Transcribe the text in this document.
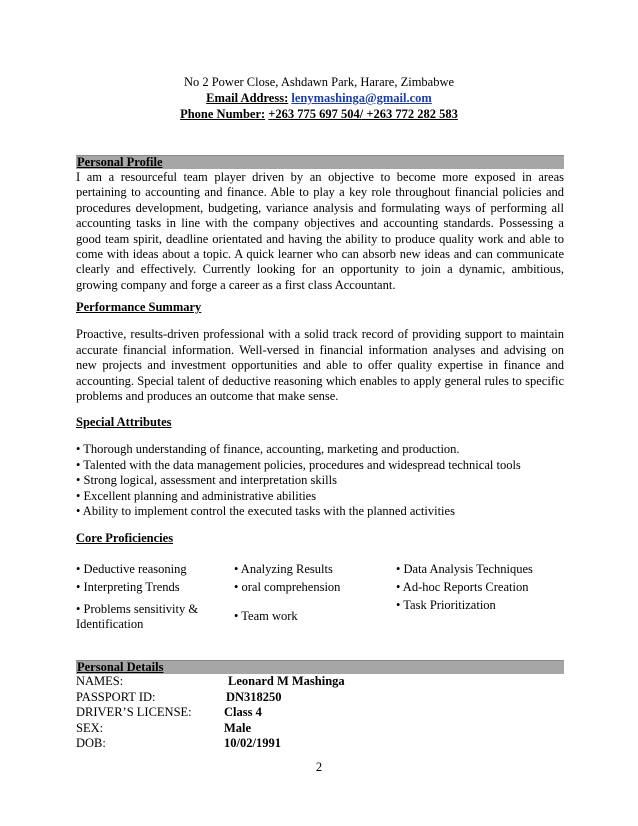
No 2 Power Close, Ashdawn Park, Harare, Zimbabwe
Email Address: lenymashinga@gmail.com
Phone Number: +263 775 697 504/ +263 772 282 583
Personal Profile

I am a resourceful team player driven by an objective to become more exposed in areas pertaining to accounting and finance. Able to play a key role throughout financial policies and procedures development, budgeting, variance analysis and formulating ways of performing all accounting tasks in line with the company objectives and accounting standards. Possessing a good team spirit, deadline orientated and having the ability to produce quality work and able to come with ideas about a topic. A quick learner who can absorb new ideas and can communicate clearly and effectively. Currently looking for an opportunity to join a dynamic, ambitious, growing company and forge a career as a first class Accountant.

Performance Summary

Proactive, results-driven professional with a solid track record of providing support to maintain accurate financial information. Well-versed in financial information analyses and advising on new projects and investment opportunities and able to offer quality expertise in finance and accounting. Special talent of deductive reasoning which enables to apply general rules to specific problems and produces an outcome that make sense.

Special Attributes

• Thorough understanding of finance, accounting, marketing and production.
• Talented with the data management policies, procedures and widespread technical tools
• Strong logical, assessment and interpretation skills
• Excellent planning and administrative abilities
• Ability to implement control the executed tasks with the planned activities

Core Proficiencies

• Deductive reasoning
• Interpreting Trends
• Problems sensitivity &
Identification
• Analyzing Results
• oral comprehension
• Team work
• Data Analysis Techniques
• Ad-hoc Reports Creation
• Task Prioritization
Personal Details
NAMES:	Leonard M Mashinga
PASSPORT ID:	DN318250
DRIVER’S LICENSE:	Class 4
SEX:	Male
DOB:	10/02/1991
2
